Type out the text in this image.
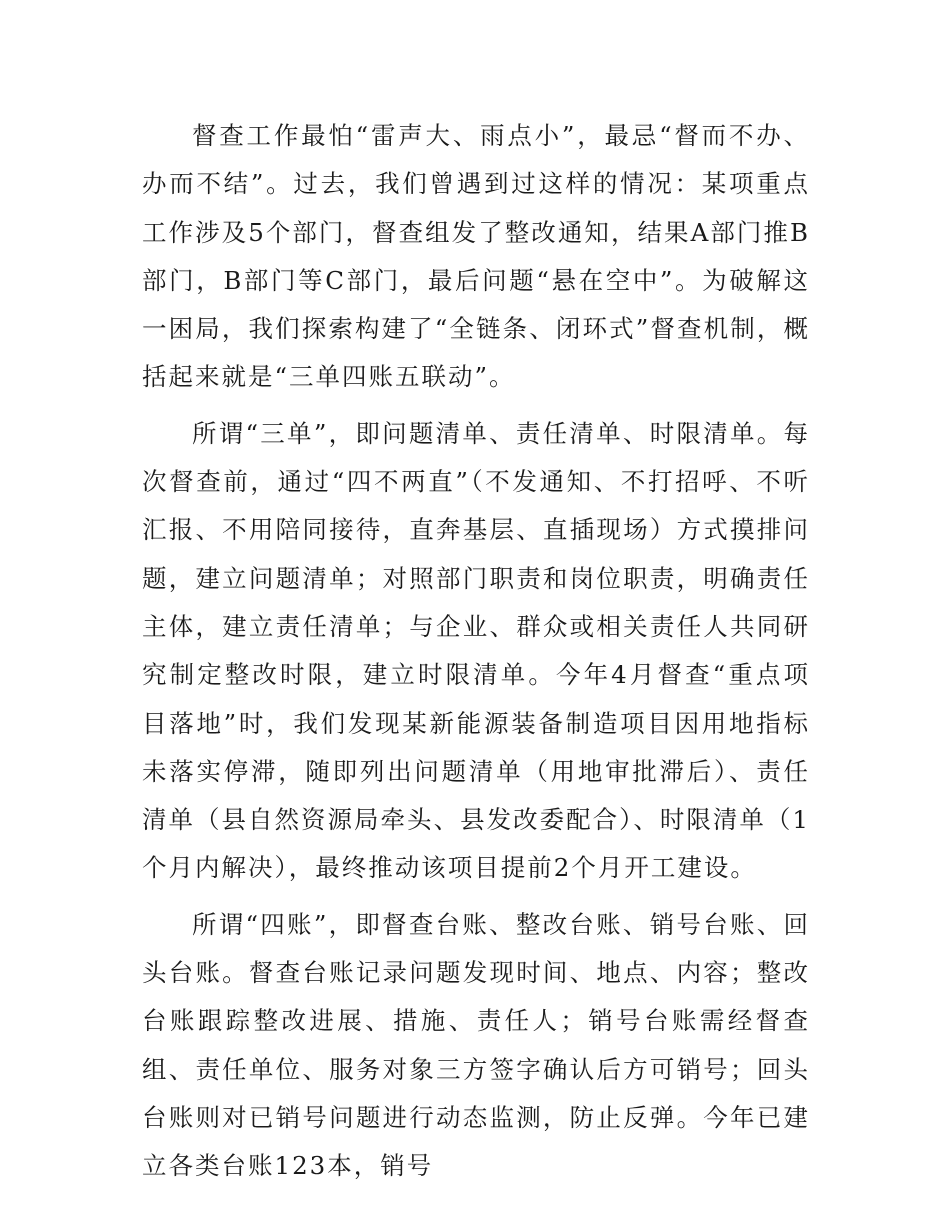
督查工作最怕“雷声大、雨点小”，最忌“督而不办、办而不结”。过去，我们曾遇到过这样的情况：某项重点工作涉及5个部门，督查组发了整改通知，结果A部门推B部门，B部门等C部门，最后问题“悬在空中”。为破解这一困局，我们探索构建了“全链条、闭环式”督查机制，概括起来就是“三单四账五联动”。

所谓“三单”，即问题清单、责任清单、时限清单。每次督查前，通过“四不两直”（不发通知、不打招呼、不听汇报、不用陪同接待，直奔基层、直插现场）方式摸排问题，建立问题清单；对照部门职责和岗位职责，明确责任主体，建立责任清单；与企业、群众或相关责任人共同研究制定整改时限，建立时限清单。今年4月督查“重点项目落地”时，我们发现某新能源装备制造项目因用地指标未落实停滞，随即列出问题清单（用地审批滞后）、责任清单（县自然资源局牵头、县发改委配合）、时限清单（1个月内解决），最终推动该项目提前2个月开工建设。

所谓“四账”，即督查台账、整改台账、销号台账、回头台账。督查台账记录问题发现时间、地点、内容；整改台账跟踪整改进展、措施、责任人；销号台账需经督查组、责任单位、服务对象三方签字确认后方可销号；回头台账则对已销号问题进行动态监测，防止反弹。今年已建立各类台账123本，销号
